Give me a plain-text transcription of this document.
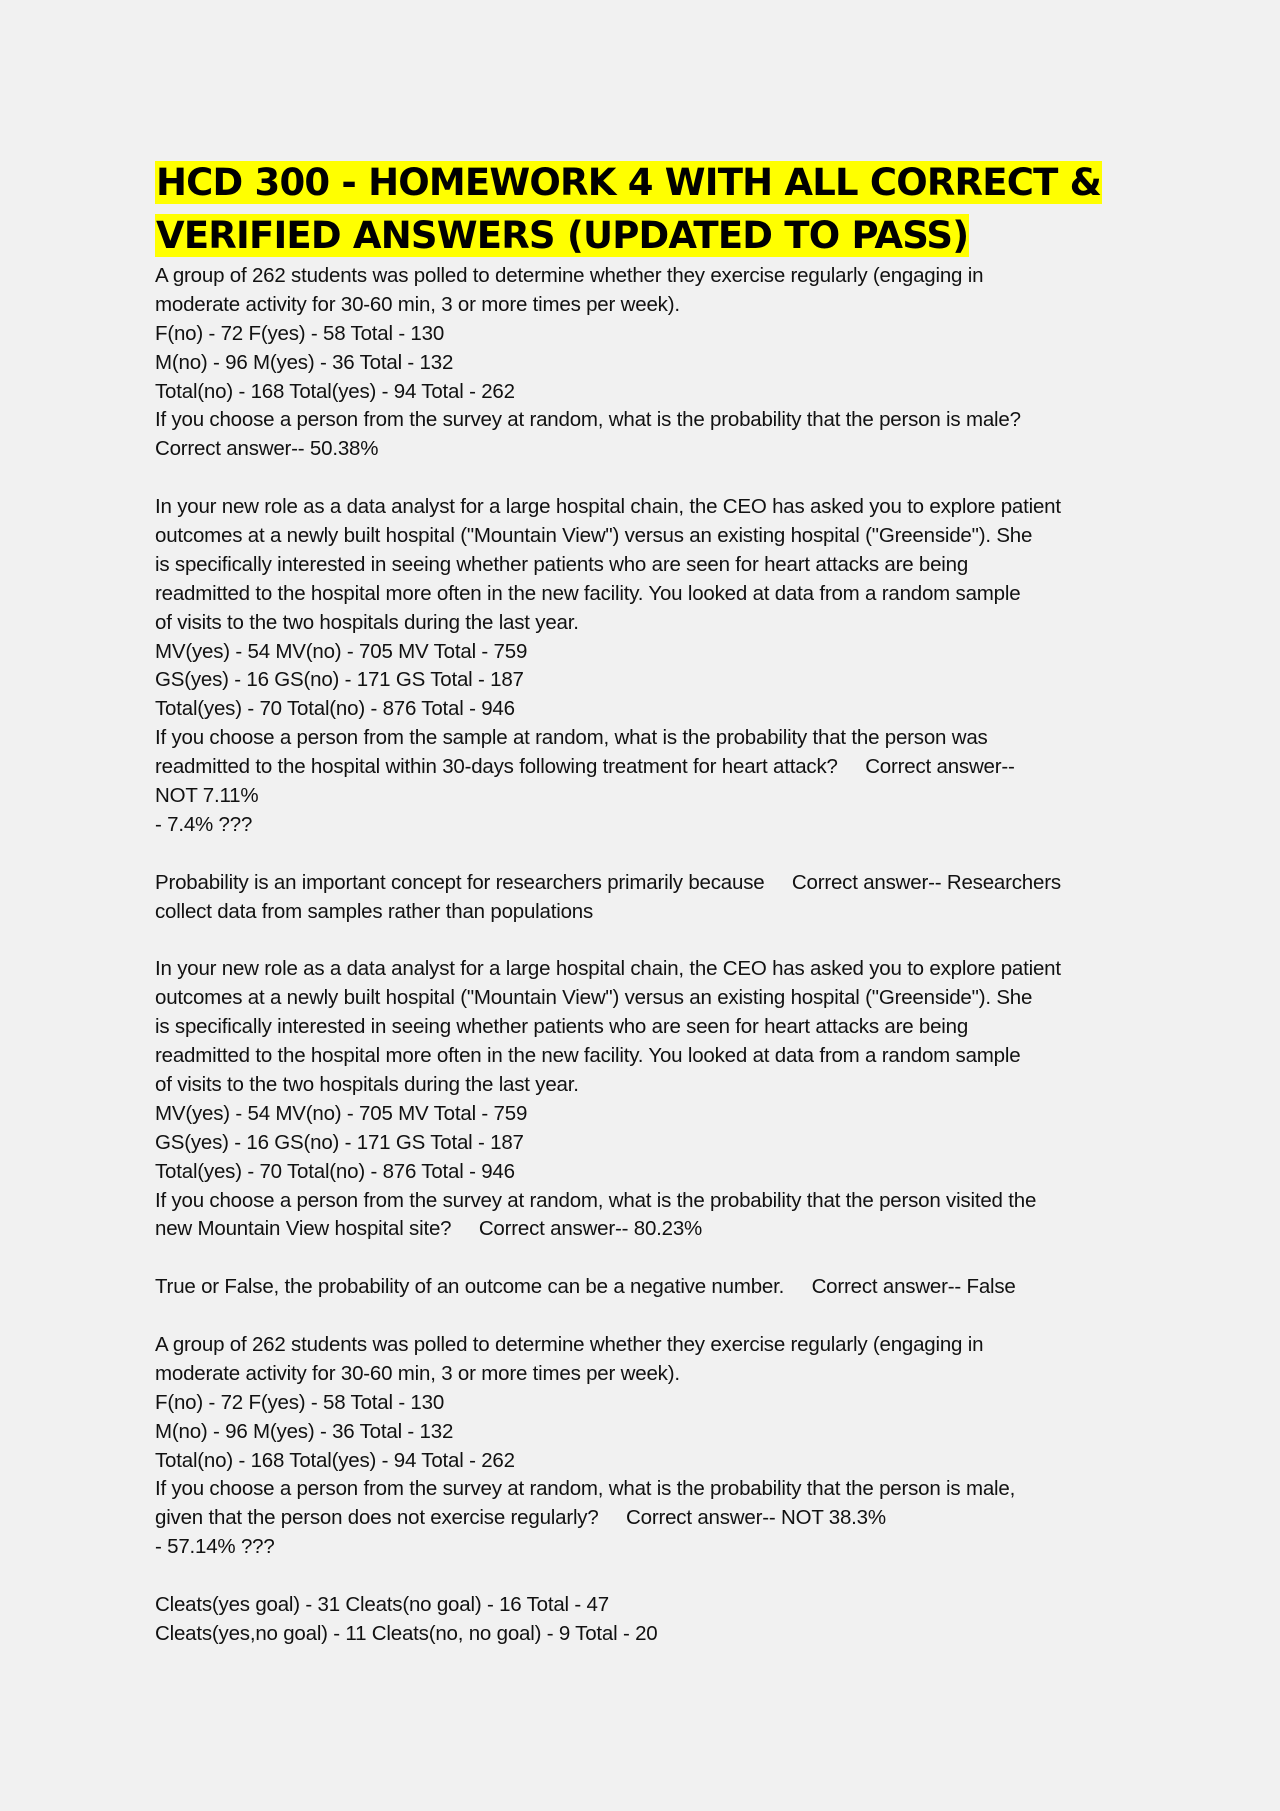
HCD 300 - HOMEWORK 4 WITH ALL CORRECT &
VERIFIED ANSWERS (UPDATED TO PASS)
A group of 262 students was polled to determine whether they exercise regularly (engaging in
moderate activity for 30-60 min, 3 or more times per week).
F(no) - 72 F(yes) - 58 Total - 130
M(no) - 96 M(yes) - 36 Total - 132
Total(no) - 168 Total(yes) - 94 Total - 262
If you choose a person from the survey at random, what is the probability that the person is male?
Correct answer-- 50.38%
In your new role as a data analyst for a large hospital chain, the CEO has asked you to explore patient
outcomes at a newly built hospital ("Mountain View") versus an existing hospital ("Greenside"). She
is specifically interested in seeing whether patients who are seen for heart attacks are being
readmitted to the hospital more often in the new facility. You looked at data from a random sample
of visits to the two hospitals during the last year.
MV(yes) - 54 MV(no) - 705 MV Total - 759
GS(yes) - 16 GS(no) - 171 GS Total - 187
Total(yes) - 70 Total(no) - 876 Total - 946
If you choose a person from the sample at random, what is the probability that the person was
readmitted to the hospital within 30-days following treatment for heart attack?     Correct answer--
NOT 7.11%
- 7.4% ???
Probability is an important concept for researchers primarily because     Correct answer-- Researchers
collect data from samples rather than populations
In your new role as a data analyst for a large hospital chain, the CEO has asked you to explore patient
outcomes at a newly built hospital ("Mountain View") versus an existing hospital ("Greenside"). She
is specifically interested in seeing whether patients who are seen for heart attacks are being
readmitted to the hospital more often in the new facility. You looked at data from a random sample
of visits to the two hospitals during the last year.
MV(yes) - 54 MV(no) - 705 MV Total - 759
GS(yes) - 16 GS(no) - 171 GS Total - 187
Total(yes) - 70 Total(no) - 876 Total - 946
If you choose a person from the survey at random, what is the probability that the person visited the
new Mountain View hospital site?     Correct answer-- 80.23%
True or False, the probability of an outcome can be a negative number.     Correct answer-- False
A group of 262 students was polled to determine whether they exercise regularly (engaging in
moderate activity for 30-60 min, 3 or more times per week).
F(no) - 72 F(yes) - 58 Total - 130
M(no) - 96 M(yes) - 36 Total - 132
Total(no) - 168 Total(yes) - 94 Total - 262
If you choose a person from the survey at random, what is the probability that the person is male,
given that the person does not exercise regularly?     Correct answer-- NOT 38.3%
- 57.14% ???
Cleats(yes goal) - 31 Cleats(no goal) - 16 Total - 47
Cleats(yes,no goal) - 11 Cleats(no, no goal) - 9 Total - 20
